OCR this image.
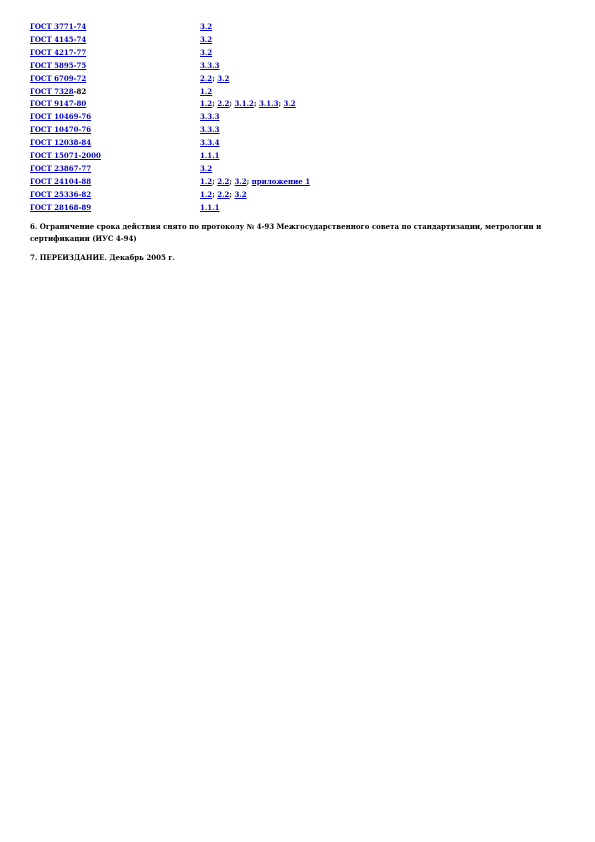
ГОСТ 3771-74	3.2
ГОСТ 4145-74	3.2
ГОСТ 4217-77	3.2
ГОСТ 5895-75	3.3.3
ГОСТ 6709-72	2.2; 3.2
ГОСТ 7328-82	1.2
ГОСТ 9147-80	1.2; 2.2; 3.1.2; 3.1.3; 3.2
ГОСТ 10469-76	3.3.3
ГОСТ 10470-76	3.3.3
ГОСТ 12038-84	3.3.4
ГОСТ 15071-2000	1.1.1
ГОСТ 23867-77	3.2
ГОСТ 24104-88	1.2; 2.2; 3.2; приложение 1
ГОСТ 25336-82	1.2; 2.2; 3.2
ГОСТ 28168-89	1.1.1
6. Ограничение срока действия снято по протоколу № 4-93 Межгосударственного совета по стандартизации, метрологии и сертификации (ИУС 4-94)
7. ПЕРЕИЗДАНИЕ. Декабрь 2005 г.
